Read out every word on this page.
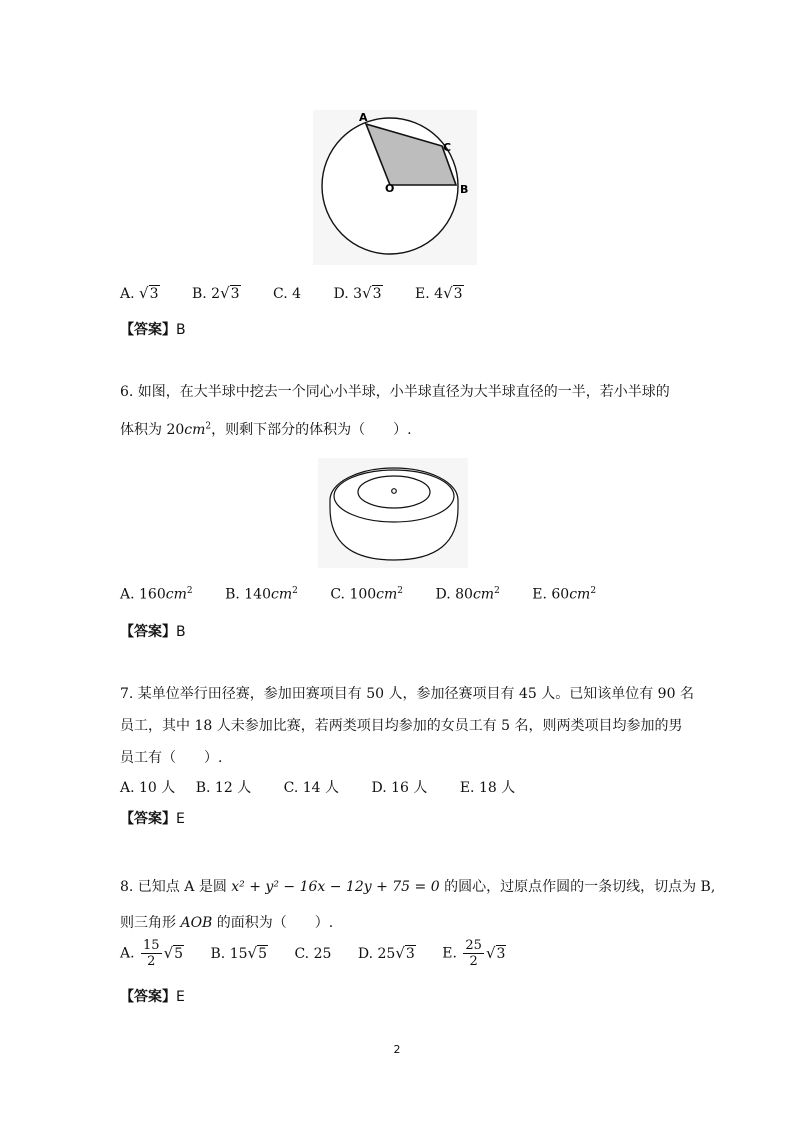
A
C
O	B
A. √3 B. 2√3 C. 4 D. 3√3 E. 4√3
【答案】B
6. 如图，在大半球中挖去一个同心小半球，小半球直径为大半球直径的一半，若小半球的
体积为 $20cm^2$，则剩下部分的体积为（　　）.
A. $160cm^2$ B. $140cm^2$ C. $100cm^2$ D. $80cm^2$ E. $60cm^2$
【答案】B
7. 某单位举行田径赛，参加田赛项目有 50 人，参加径赛项目有 45 人。已知该单位有 90 名
员工，其中 18 人未参加比赛，若两类项目均参加的女员工有 5 名，则两类项目均参加的男
员工有（　　）.
A. 10 人 B. 12 人 C. 14 人 D. 16 人 E. 18 人
【答案】E
8. 已知点 A 是圆 x² + y² − 16x − 12y + 75 = 0 的圆心，过原点作圆的一条切线，切点为 B,
则三角形 AOB 的面积为（　　）.
A. $\frac{15}{2} √5$ B. 15√5 C. 25 D. 25√3 E. $\frac{25}{2} √3$
【答案】E
2
